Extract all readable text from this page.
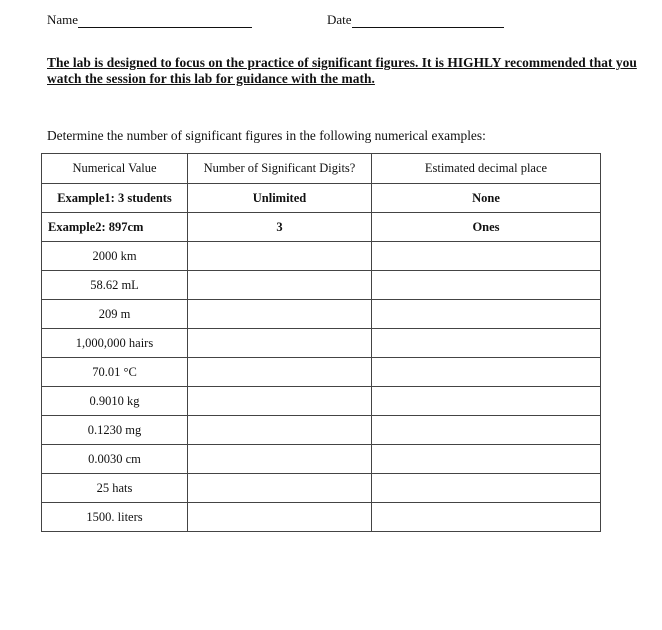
Name	Date
The lab is designed to focus on the practice of significant figures. It is HIGHLY recommended that you watch the session for this lab for guidance with the math.
Determine the number of significant figures in the following numerical examples:
Numerical Value	Number of Significant Digits?	Estimated decimal place
Example1: 3 students	Unlimited	None
Example2: 897cm	3	Ones
2000 km		
58.62 mL		
209 m		
1,000,000 hairs		
70.01 °C		
0.9010 kg		
0.1230 mg		
0.0030 cm		
25 hats		
1500. liters		
